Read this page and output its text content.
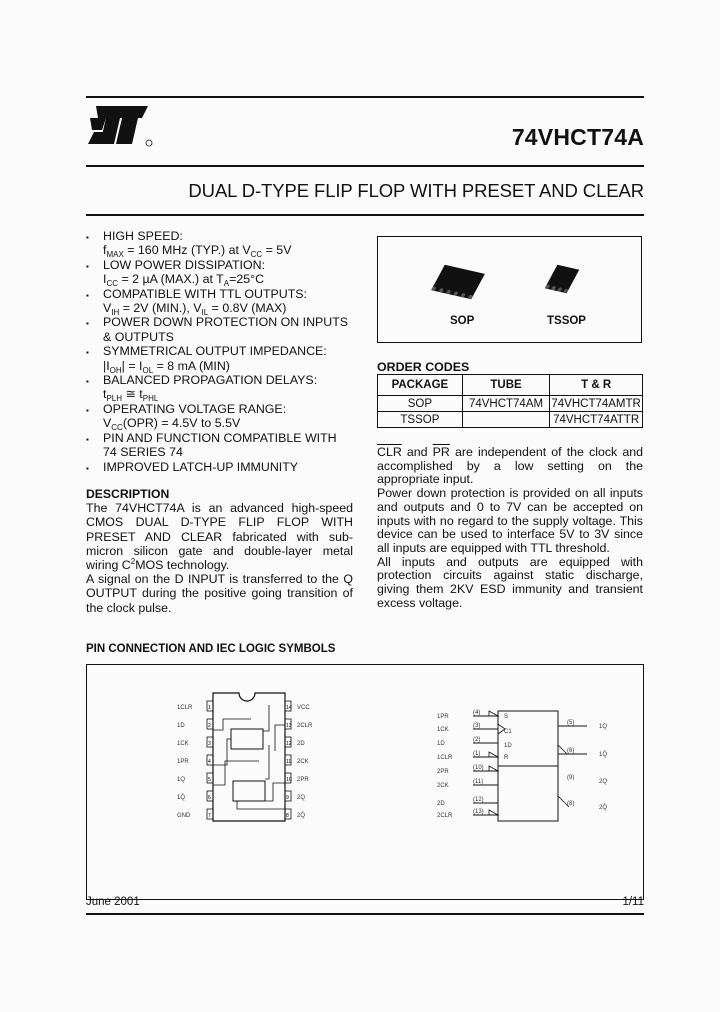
74VHCT74A
DUAL D-TYPE FLIP FLOP WITH PRESET AND CLEAR
▪ HIGH SPEED:
$f_{MAX} = 160$ MHz (TYP.) at $V_{CC} = 5V$
▪ LOW POWER DISSIPATION:
$I_{CC} = 2$ µA (MAX.) at $T_A=25^\circ C$
▪ COMPATIBLE WITH TTL OUTPUTS:
$V_{IH} = 2V$ (MIN.), $V_{IL} = 0.8V$ (MAX)
▪ POWER DOWN PROTECTION ON INPUTS
& OUTPUTS
▪ SYMMETRICAL OUTPUT IMPEDANCE:
$|I_{OH}| = I_{OL} = 8$ mA (MIN)
▪ BALANCED PROPAGATION DELAYS:
$t_{PLH}$ ≅ $t_{PHL}$
▪ OPERATING VOLTAGE RANGE:
$V_{CC}(OPR) = 4.5V$ to 5.5V
▪ PIN AND FUNCTION COMPATIBLE WITH
74 SERIES 74
▪ IMPROVED LATCH-UP IMMUNITY
DESCRIPTION
The 74VHCT74A is an advanced high-speed CMOS DUAL D-TYPE FLIP FLOP WITH PRESET AND CLEAR fabricated with sub-micron silicon gate and double-layer metal wiring $C^2MOS$ technology.
A signal on the D INPUT is transferred to the Q OUTPUT during the positive going transition of the clock pulse.
SOP	TSSOP
ORDER CODES
PACKAGE	TUBE	T & R
SOP	74VHCT74AM	74VHCT74AMTR
TSSOP		74VHCT74ATTR
$\overline{CLR}$ and $\overline{PR}$ are independent of the clock and accomplished by a low setting on the appropriate input.
Power down protection is provided on all inputs and outputs and 0 to 7V can be accepted on inputs with no regard to the supply voltage. This device can be used to interface 5V to 3V since all inputs are equipped with TTL threshold.
All inputs and outputs are equipped with protection circuits against static discharge, giving them 2KV ESD immunity and transient excess voltage.
PIN CONNECTION AND IEC LOGIC SYMBOLS
1
1CLR	14 VCC
2
1D	13 2CLR
3
1CK	12 2D
4
1PR	11 2CK
5
1Q	10 2PR
6
1Q̄	9 2Q
7
GND	8 2Q̄
1PR
(4)
1CK
(3)
1D
(2)
1CLR
(1)
2PR
(10)
2CK
(11)
2D
(12)
2CLR
(13)
1Q
(5)
1Q̄
(6)
2Q
(9)
2Q̄
(8)
S
C1
1D
R
June 2001	1/11
